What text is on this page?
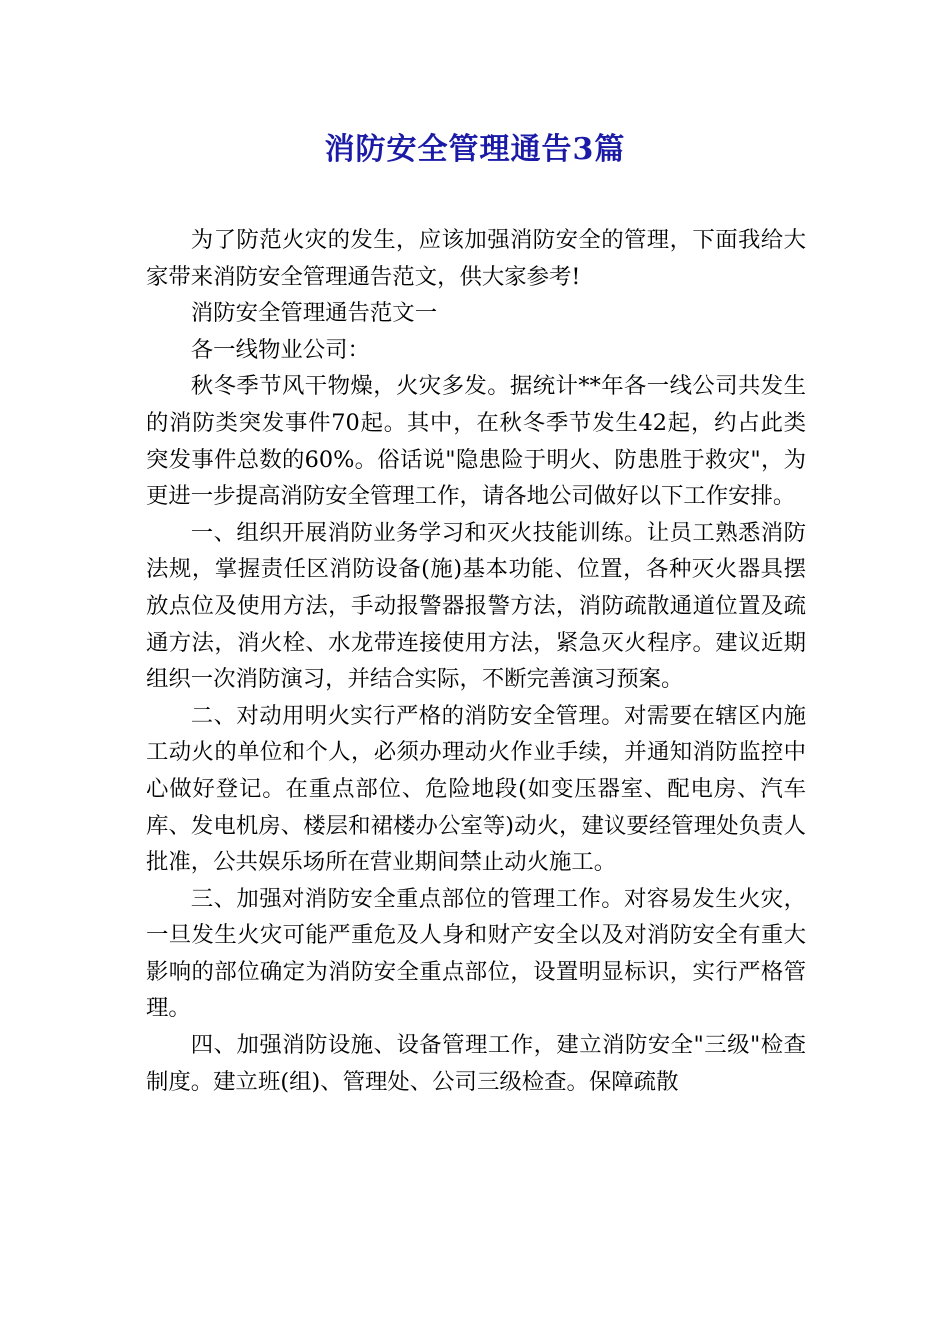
消防安全管理通告3篇

为了防范火灾的发生，应该加强消防安全的管理，下面我给大家带来消防安全管理通告范文，供大家参考!

消防安全管理通告范文一

各一线物业公司：

秋冬季节风干物燥，火灾多发。据统计**年各一线公司共发生的消防类突发事件70起。其中，在秋冬季节发生42起，约占此类突发事件总数的60%。俗话说"隐患险于明火、防患胜于救灾"，为更进一步提高消防安全管理工作，请各地公司做好以下工作安排。

一、组织开展消防业务学习和灭火技能训练。让员工熟悉消防法规，掌握责任区消防设备(施)基本功能、位置，各种灭火器具摆放点位及使用方法，手动报警器报警方法，消防疏散通道位置及疏通方法，消火栓、水龙带连接使用方法，紧急灭火程序。建议近期组织一次消防演习，并结合实际，不断完善演习预案。

二、对动用明火实行严格的消防安全管理。对需要在辖区内施工动火的单位和个人，必须办理动火作业手续，并通知消防监控中心做好登记。在重点部位、危险地段(如变压器室、配电房、汽车库、发电机房、楼层和裙楼办公室等)动火，建议要经管理处负责人批准，公共娱乐场所在营业期间禁止动火施工。

三、加强对消防安全重点部位的管理工作。对容易发生火灾，一旦发生火灾可能严重危及人身和财产安全以及对消防安全有重大影响的部位确定为消防安全重点部位，设置明显标识，实行严格管理。

四、加强消防设施、设备管理工作，建立消防安全"三级"检查制度。建立班(组)、管理处、公司三级检查。保障疏散
